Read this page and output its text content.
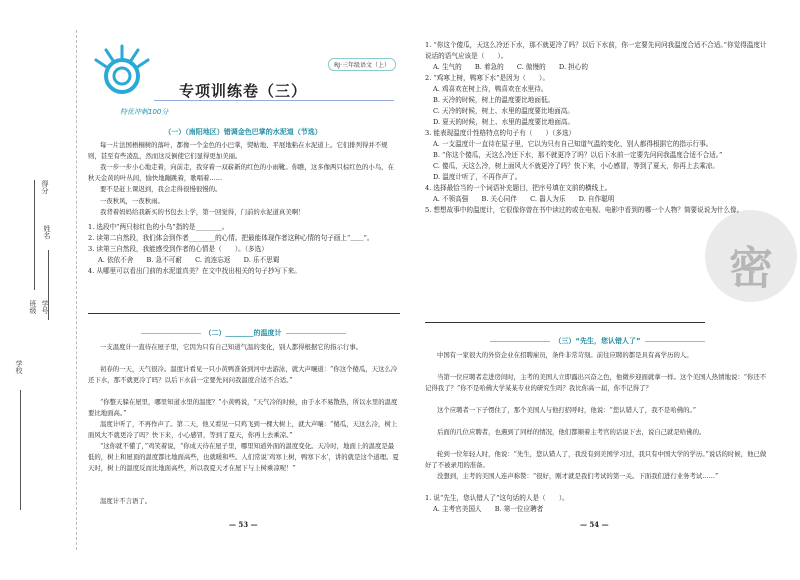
学校
班级
姓名
学号
得分
RJ·三年级语文（上）
专项训练卷（三）
特优冲刺100分
（一）（南阳地区）错调金色巴掌的水泥道（节选）

每一片法国梧桐树的落叶，都像一个金色的小巴掌，熨帖地、平展地粘在水泥道上。它们排列得并不规则，甚至有些凌乱，然而这反倒使它们显得更加美丽。

我一步一步小心地走着，向前走，我穿着一双崭新的红色的小雨靴。你瞧，这多像两只棕红色的小鸟，在秋天金黄的叶丛间，愉快地蹦跳着，歌唱着……

要不是赶上课迟到，我会走得很慢很慢的。

一夜秋风，一夜秋雨。

我背着妈妈给我新买的书包去上学，第一回觉得，门前的水泥道真美啊！

1. 选段中“两只棕红色的小鸟”指的是________。
2. 读第二自然段，我们体会到作者________的心情。把最能体现作者这种心情的句子画上“﹏﹏”。
3. 读第三自然段，我能感受到作者的心情是（　　）。（多选）
A. 依依不舍　　B. 急不可耐　　C. 流连忘返　　D. 乐不思蜀
4. 从哪里可以看出门前的水泥道真美？在文中找出相关的句子抄写下来。
（二）________的温度计

一支温度计一直待在屋子里，它因为只有自己知道气温的变化，别人都得根据它的指示行事。

初春的一天，天气很冷。温度计看见一只小黄鸭准备到河中去游泳，就大声嚷道：“你这个傻瓜，天这么冷还下水，那不就更冷了吗？以后下水前一定要先问问我温度合适不合适。”

“你整天躲在屋里，哪里知道水里的温度？”小黄鸭说，“天气冷的时候，由于水不易散热，所以水里的温度要比地面高。”

温度计听了，不再作声了。第二天，他又看见一只鸡飞到一棵大树上，就大声嚷：“傻瓜，天这么冷，树上面风大不就更冷了吗？快下来，小心感冒，等到了夏天，你再上去乘凉。”

“这你就不懂了，”鸡笑着说，“你成天待在屋子里，哪里知道外面的温度变化。天冷时，地面上的温度是最低的，树上和屋顶的温度都比地面高些，也就暖和些。人们常说‘鸡寒上树，鸭寒下水’，讲的就是这个道理。夏天时，树上的温度反而比地面高些，所以我夏天才在屋下与上树乘凉呢！”

温度计不言语了。

— 53 —
1. “你这个傻瓜，天这么冷还下水，那不就更冷了吗？以后下水前，你一定要先问问我温度合适不合适。”你觉得温度计说话的语气应该是（　　）。
A. 生气的　　B. 着急的　　C. 傲慢的　　D. 担心的
2. “鸡寒上树，鸭寒下水”是因为（　　）。
A. 鸡喜欢在树上待，鸭喜欢在水里待。
B. 天冷的时候，树上的温度要比地面低。
C. 天冷的时候，树上、水里的温度要比地面高。
D. 夏天的时候，树上、水里的温度要比地面高。
3. 能表现温度计性格特点的句子有（　　）（多选）
A. 一支温度计一直待在屋子里，它以为只有自己知道气温的变化，别人都得根据它的指示行事。
B. “你这个傻瓜，天这么冷还下水，那不就更冷了吗？以后下水前一定要先问问我温度合适不合适。”
C. 傻瓜，天这么冷，树上面风大不就更冷了吗？快下来，小心感冒，等到了夏天，你再上去乘凉。
D. 温度计听了，不再作声了。
4. 选择最恰当的一个词语补充题目，把序号填在文前的横线上。
A. 不领高强　　B. 关心同伴　　C. 嚣人为乐　　D. 自作聪明
5. 想想故事中的温度计，它很像你曾在书中读过的或在电视、电影中看到的哪一个人物？简要说说为什么像。
（三）“先生，您认错人了”

中国有一家很大的外资企业在招聘雇员，条件非常苛刻。前往应聘的都是具有高学历的人。

当第一位应聘者走进房间时，主考的美国人立即露出兴奋之色，他微步迎面就拿一样。这个美国人热情地说：“你还不记得我了？”你不是哈佛大学某某专业的研究生吗？我比你高一届，你不记得了？

这个应聘者一下子愣住了，那个美国人与他打招呼时，他说：“您认错人了，我不是哈佛的。”

后面的几位应聘者，也遇到了同样的情况，他们都顺着主考官的话说下去，说自己就是哈佛的。

轮到一位年轻人时，他说：“先生，您认错人了，我没有到美国学习过，我只有中国大学的学历。”说话的时候，他已做好了不被录用的准备。

没想到，主考的美国人连声称赞：“很好，刚才就是我们考试的第一关。下面我们进行业务考试……”

1. 说“先生，您认错人了”这句话的人是（　　）。
A. 主考官美国人　　B. 第一位应聘者
— 54 —
密
